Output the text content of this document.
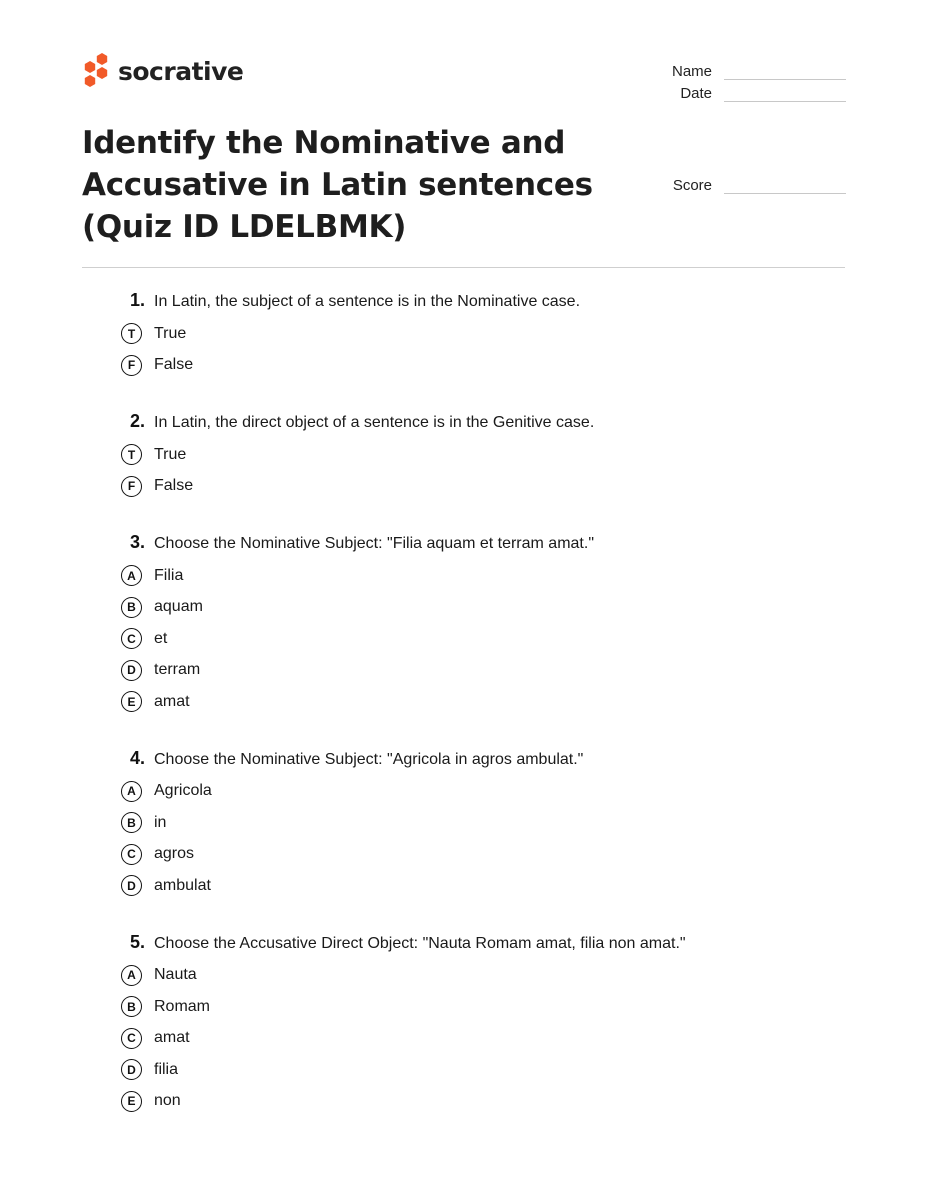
socrative	Name
Date
Score
Identify the Nominative and Accusative in Latin sentences (Quiz ID LDELBMK)
1. In Latin, the subject of a sentence is in the Nominative case.
T	True
F	False
2. In Latin, the direct object of a sentence is in the Genitive case.
T	True
F	False
3. Choose the Nominative Subject: "Filia aquam et terram amat."
A	Filia
B	aquam
C	et
D	terram
E	amat
4. Choose the Nominative Subject: "Agricola in agros ambulat."
A	Agricola
B	in
C	agros
D	ambulat
5. Choose the Accusative Direct Object: "Nauta Romam amat, filia non amat."
A	Nauta
B	Romam
C	amat
D	filia
E	non
